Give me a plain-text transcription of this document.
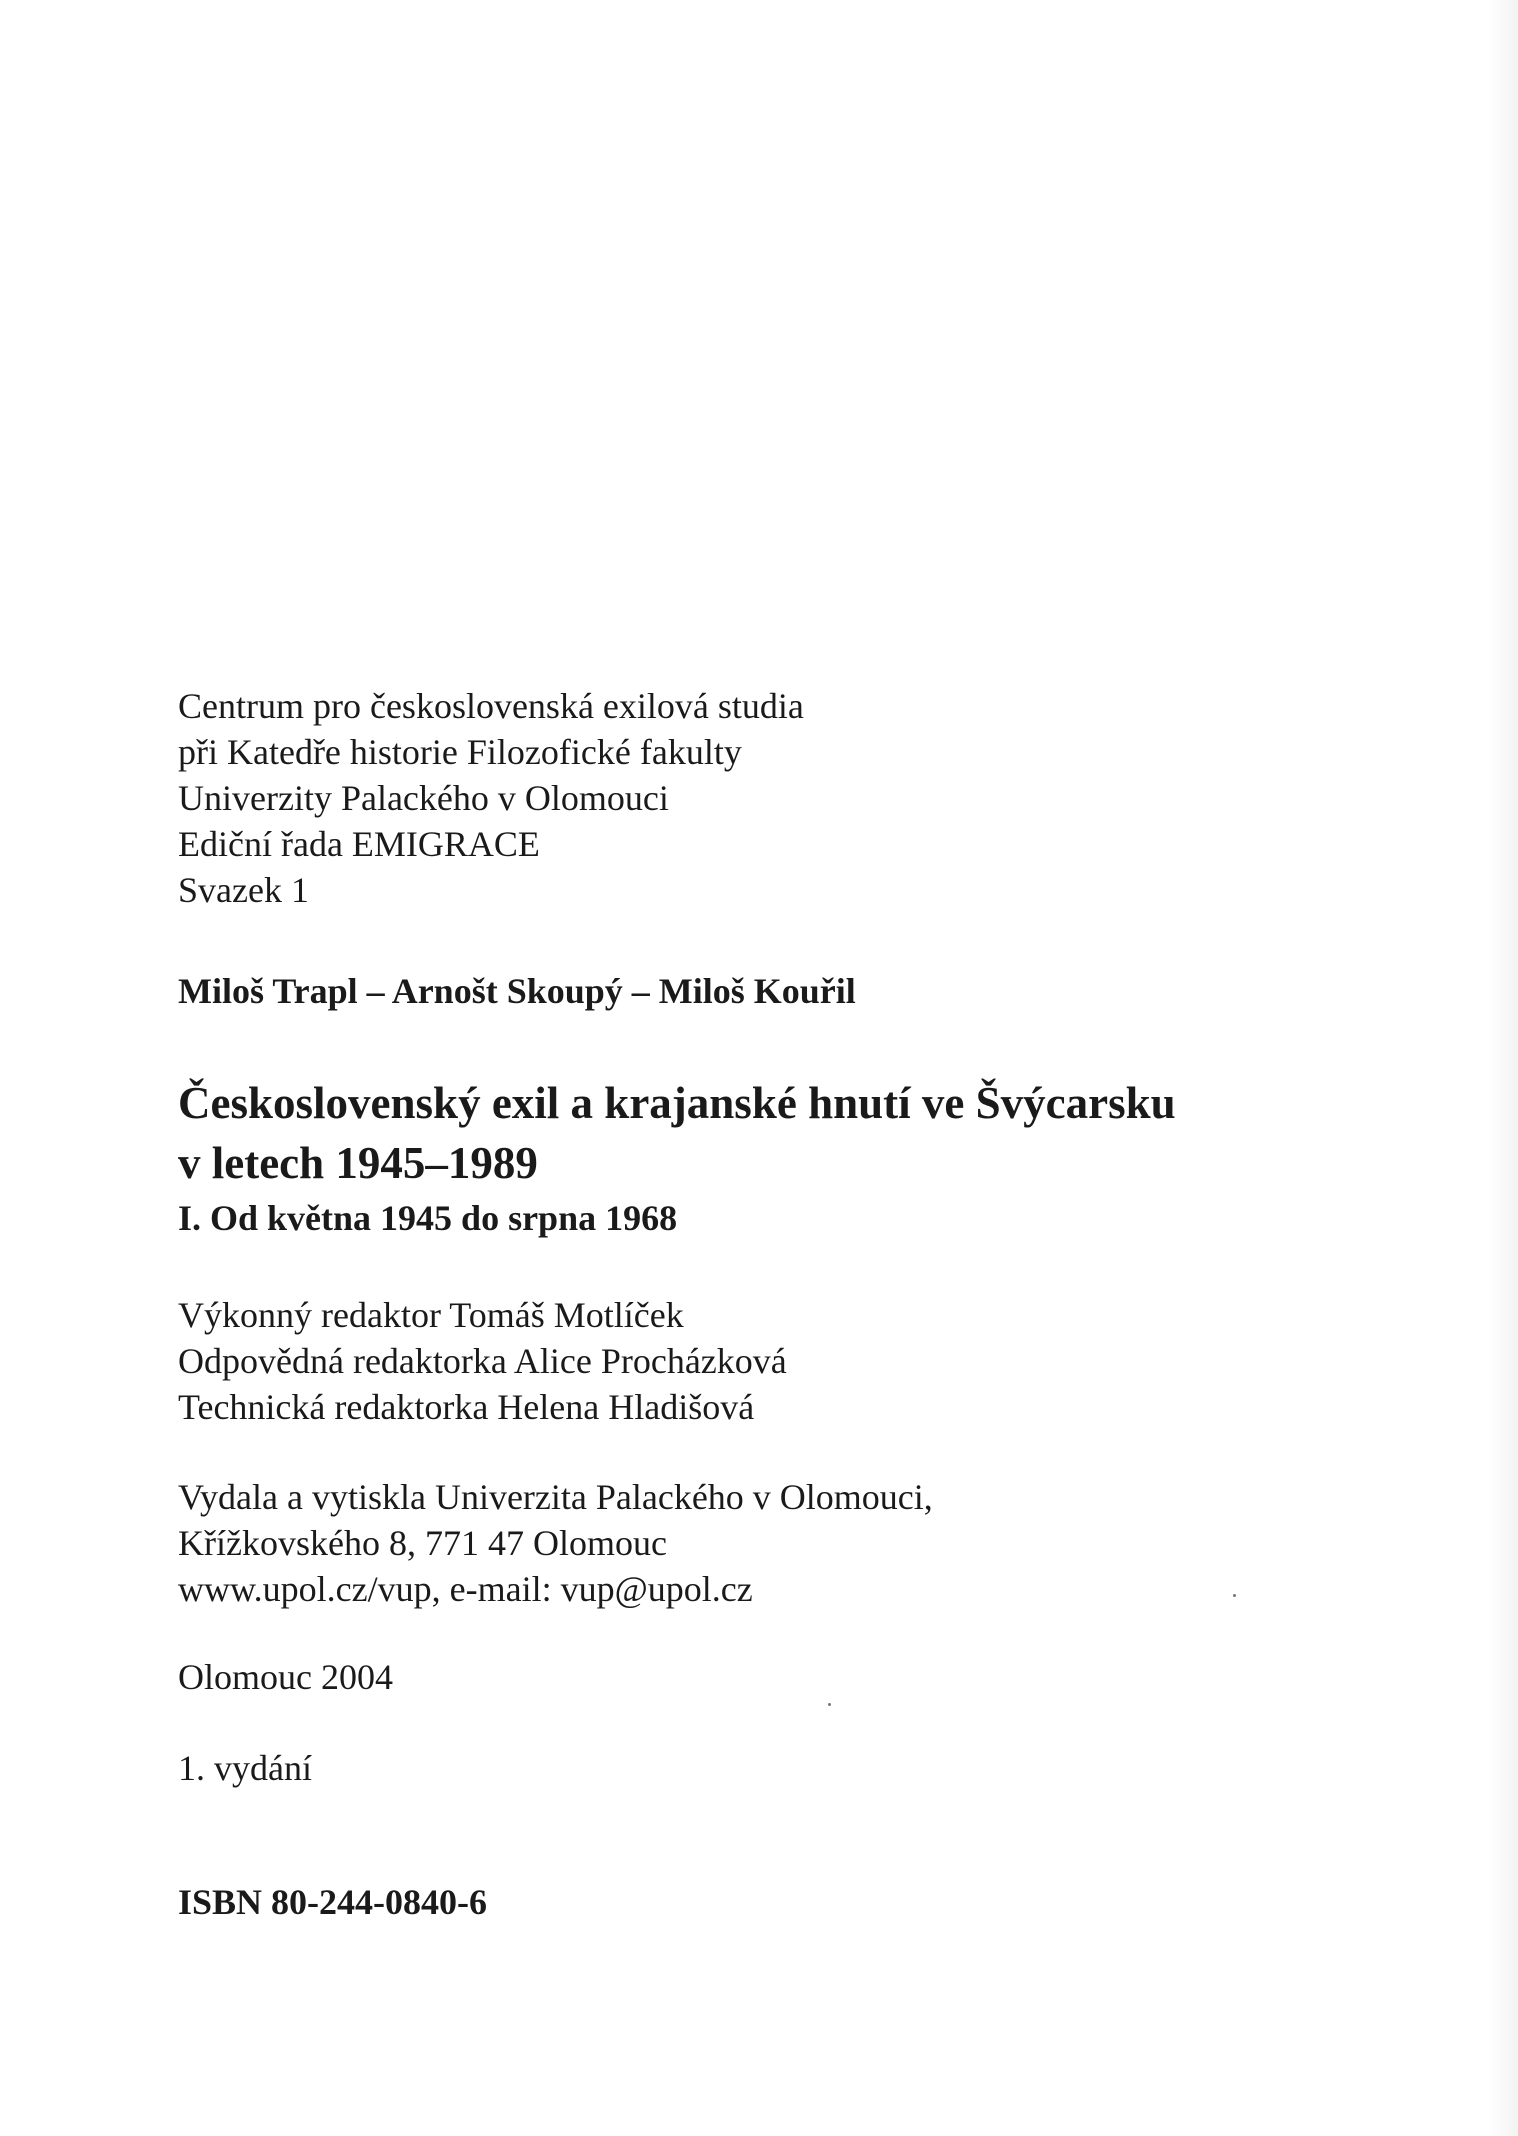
Centrum pro československá exilová studia
při Katedře historie Filozofické fakulty
Univerzity Palackého v Olomouci
Ediční řada EMIGRACE
Svazek 1
Miloš Trapl – Arnošt Skoupý – Miloš Kouřil
Československý exil a krajanské hnutí ve Švýcarsku
v letech 1945–1989
I. Od května 1945 do srpna 1968
Výkonný redaktor Tomáš Motlíček
Odpovědná redaktorka Alice Procházková
Technická redaktorka Helena Hladišová
Vydala a vytiskla Univerzita Palackého v Olomouci,
Křížkovského 8, 771 47 Olomouc
www.upol.cz/vup, e-mail: vup@upol.cz
Olomouc 2004
1. vydání
ISBN 80-244-0840-6
